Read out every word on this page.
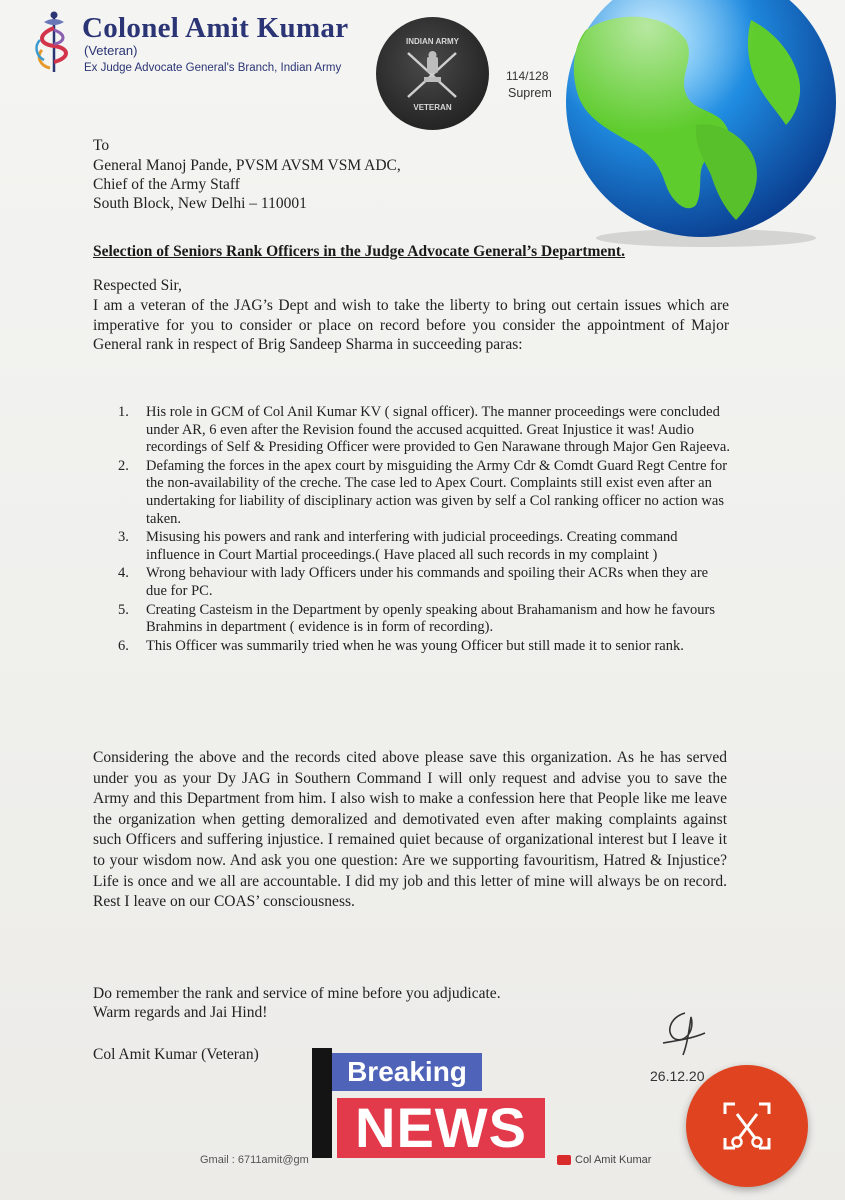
Colonel Amit Kumar
(Veteran)
Ex Judge Advocate General's Branch, Indian Army
INDIAN ARMY
VETERAN
114/128
Suprem
To
General Manoj Pande, PVSM AVSM VSM ADC,
Chief of the Army Staff
South Block, New Delhi – 110001
Selection of Seniors Rank Officers in the Judge Advocate General’s Department.
Respected Sir,
I am a veteran of the JAG’s Dept and wish to take the liberty to bring out certain issues which are imperative for you to consider or place on record before you consider the appointment of Major General rank in respect of Brig Sandeep Sharma in succeeding paras:
1. His role in GCM of Col Anil Kumar KV ( signal officer). The manner proceedings were concluded under AR, 6 even after the Revision found the accused acquitted. Great Injustice it was! Audio recordings of Self & Presiding Officer were provided to Gen Narawane through Major Gen Rajeeva.
2. Defaming the forces in the apex court by misguiding the Army Cdr & Comdt Guard Regt Centre for the non-availability of the creche. The case led to Apex Court. Complaints still exist even after an undertaking for liability of disciplinary action was given by self a Col ranking officer no action was taken.
3. Misusing his powers and rank and interfering with judicial proceedings. Creating command influence in Court Martial proceedings.( Have placed all such records in my complaint )
4. Wrong behaviour with lady Officers under his commands and spoiling their ACRs when they are due for PC.
5. Creating Casteism in the Department by openly speaking about Brahamanism and how he favours Brahmins in department ( evidence is in form of recording).
6. This Officer was summarily tried when he was young Officer but still made it to senior rank.
Considering the above and the records cited above please save this organization. As he has served under you as your Dy JAG in Southern Command I will only request and advise you to save the Army and this Department from him. I also wish to make a confession here that People like me leave the organization when getting demoralized and demotivated even after making complaints against such Officers and suffering injustice. I remained quiet because of organizational interest but I leave it to your wisdom now. And ask you one question: Are we supporting favouritism, Hatred & Injustice? Life is once and we all are accountable. I did my job and this letter of mine will always be on record. Rest I leave on our COAS’ consciousness.
Do remember the rank and service of mine before you adjudicate.
Warm regards and Jai Hind!
Col Amit Kumar (Veteran)
26.12.20
Breaking
NEWS
Gmail : 6711amit@gm	Col Amit Kumar
